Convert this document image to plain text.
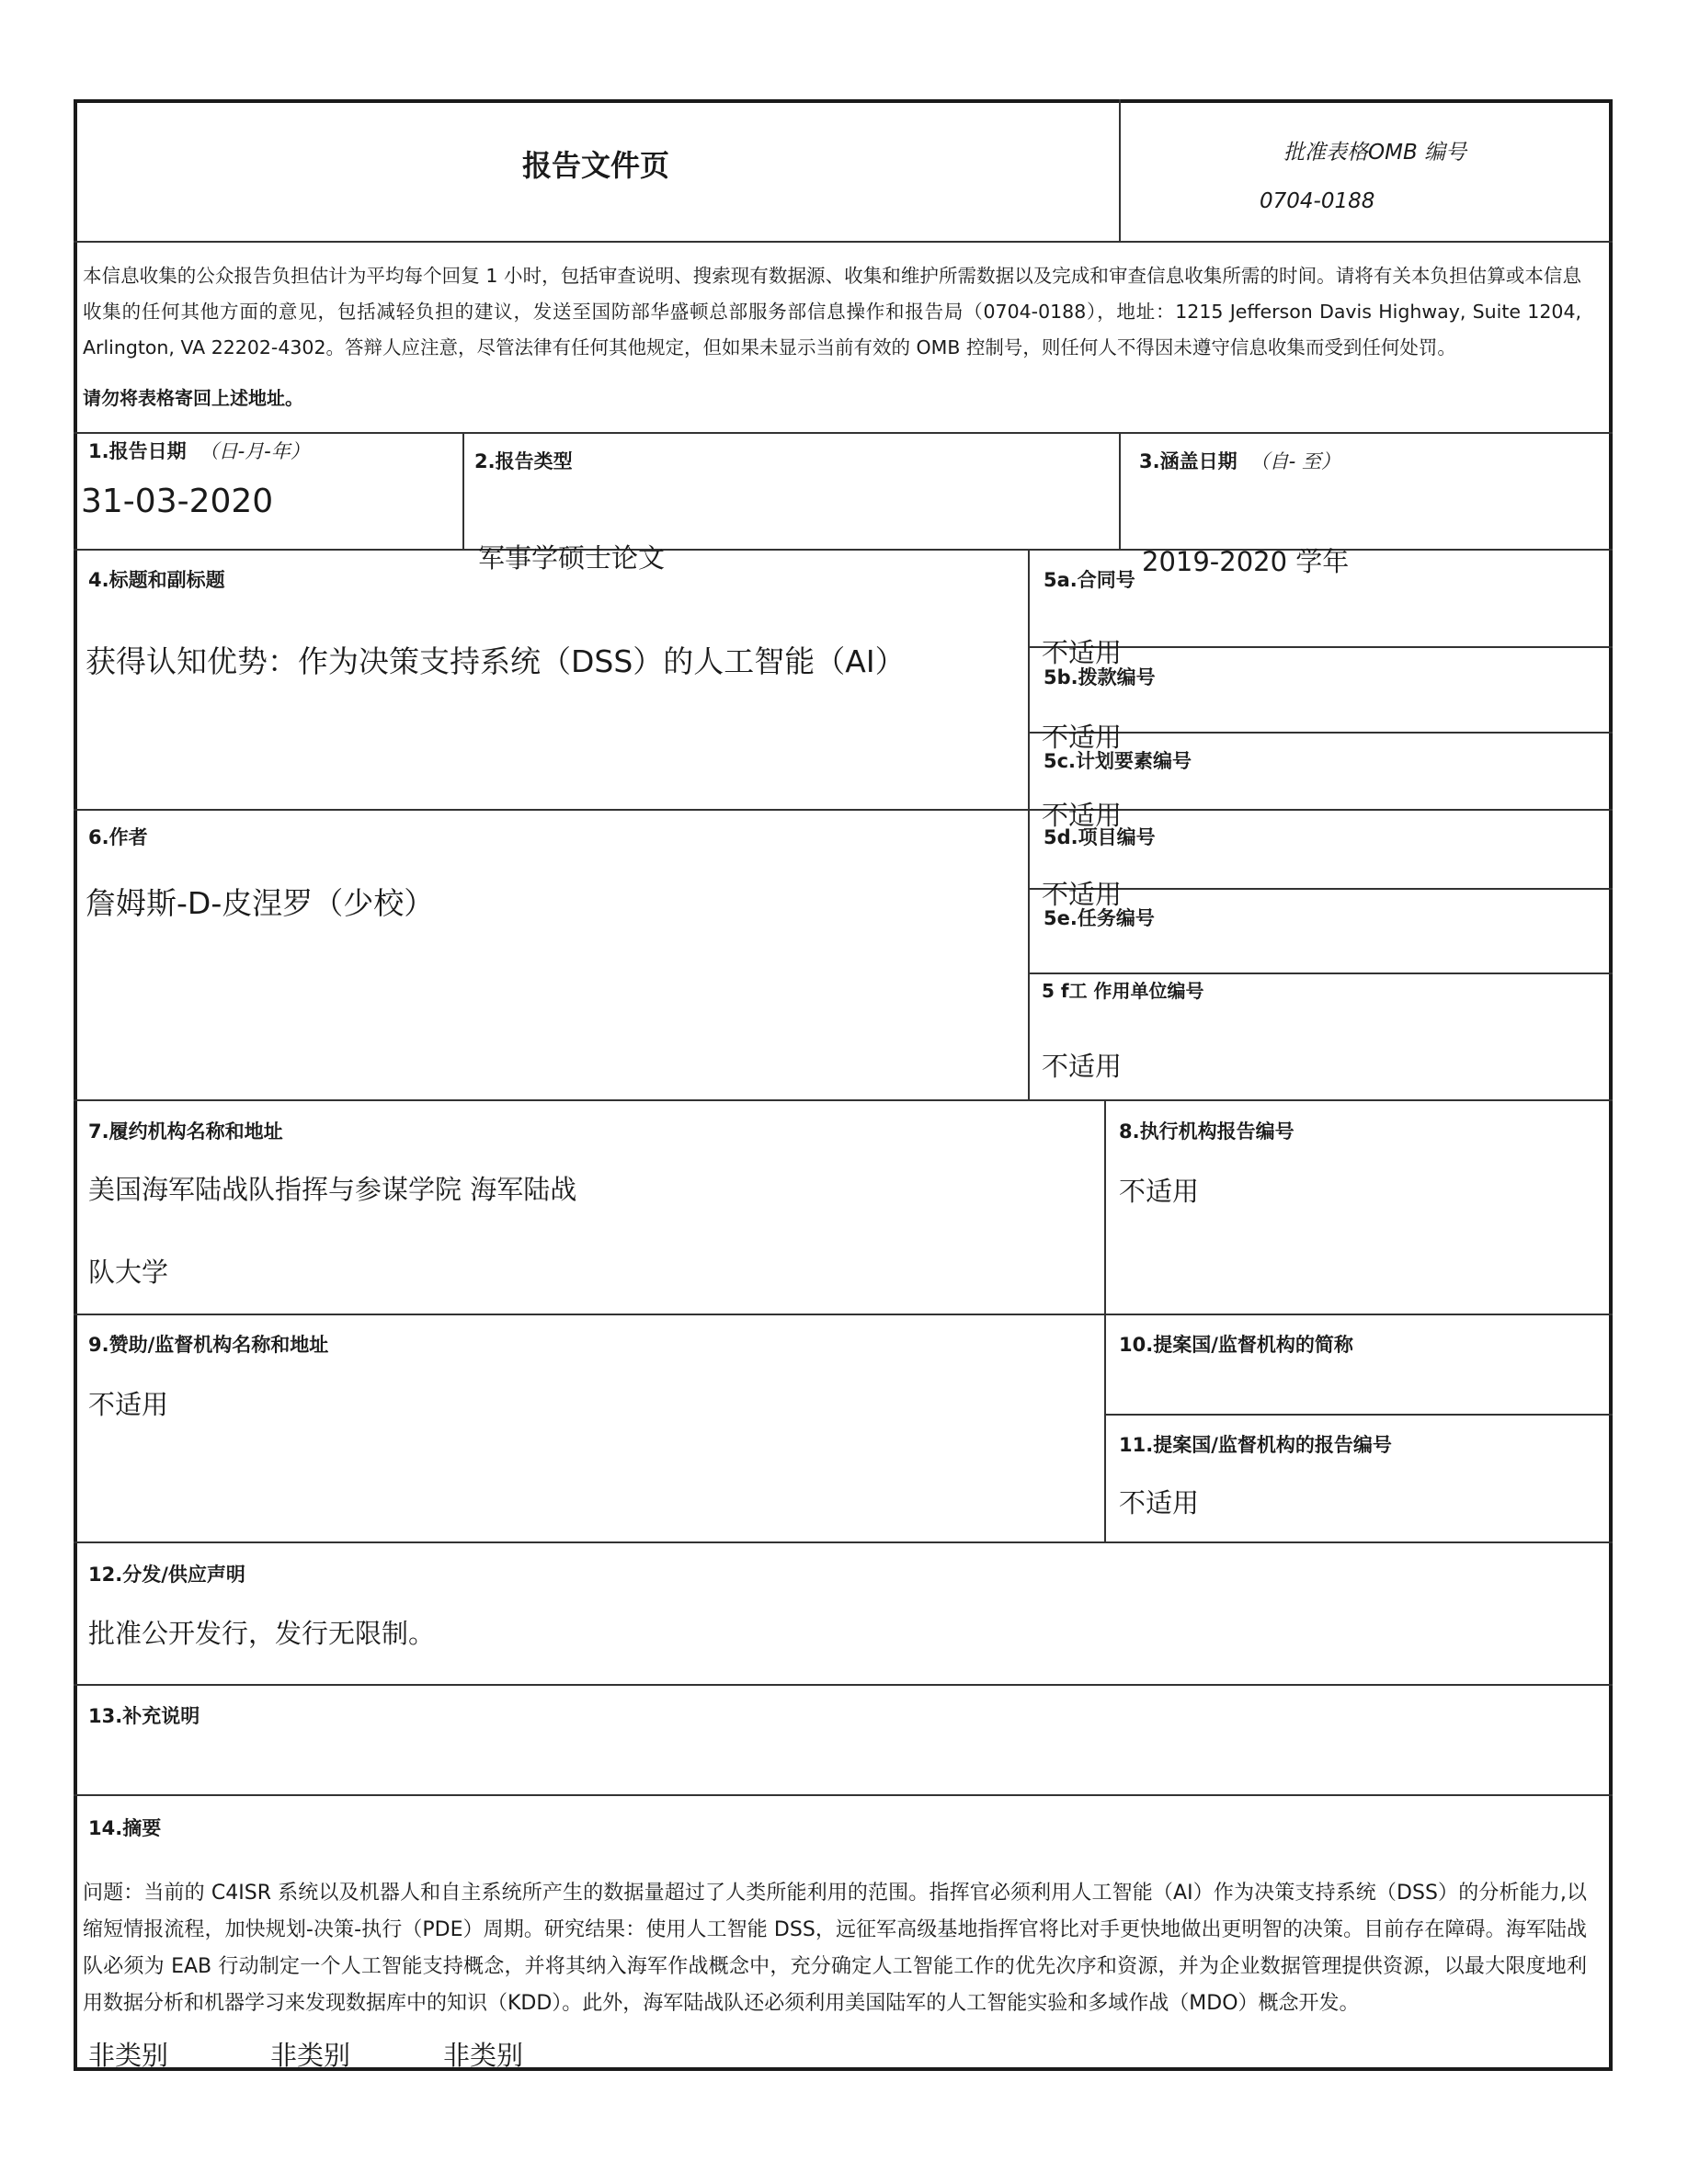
报告文件页	批准表格OMB 编号
0704-0188
本信息收集的公众报告负担估计为平均每个回复 1 小时，包括审查说明、搜索现有数据源、收集和维护所需数据以及完成和审查信息收集所需的时间。请将有关本负担估算或本信息收集的任何其他方面的意见，包括减轻负担的建议，发送至国防部华盛顿总部服务部信息操作和报告局（0704-0188），地址：1215 Jefferson Davis Highway, Suite 1204, Arlington, VA 22202-4302。答辩人应注意，尽管法律有任何其他规定，但如果未显示当前有效的 OMB 控制号，则任何人不得因未遵守信息收集而受到任何处罚。
请勿将表格寄回上述地址。
1.报告日期 （日-月-年）
31-03-2020
2.报告类型
军事学硕士论文
3.涵盖日期 （自- 至）
2019-2020 学年
4.标题和副标题
获得认知优势：作为决策支持系统（DSS）的人工智能（AI）
5a.合同号
不适用
5b.拨款编号
不适用
5c.计划要素编号
不适用
5d.项目编号
不适用
5e.任务编号
5 f工 作用单位编号
不适用
6.作者
詹姆斯-D-皮涅罗（少校）
7.履约机构名称和地址
美国海军陆战队指挥与参谋学院 海军陆战
队大学
8.执行机构报告编号
不适用
9.赞助/监督机构名称和地址
不适用
10.提案国/监督机构的简称
11.提案国/监督机构的报告编号
不适用
12.分发/供应声明
批准公开发行，发行无限制。
13.补充说明
14.摘要
问题：当前的 C4ISR 系统以及机器人和自主系统所产生的数据量超过了人类所能利用的范围。指挥官必须利用人工智能（AI）作为决策支持系统（DSS）的分析能力,以缩短情报流程，加快规划-决策-执行（PDE）周期。研究结果：使用人工智能 DSS，远征军高级基地指挥官将比对手更快地做出更明智的决策。目前存在障碍。海军陆战队必须为 EAB 行动制定一个人工智能支持概念，并将其纳入海军作战概念中，充分确定人工智能工作的优先次序和资源，并为企业数据管理提供资源，以最大限度地利用数据分析和机器学习来发现数据库中的知识（KDD）。此外，海军陆战队还必须利用美国陆军的人工智能实验和多域作战（MDO）概念开发。
非类别	非类别	非类别
